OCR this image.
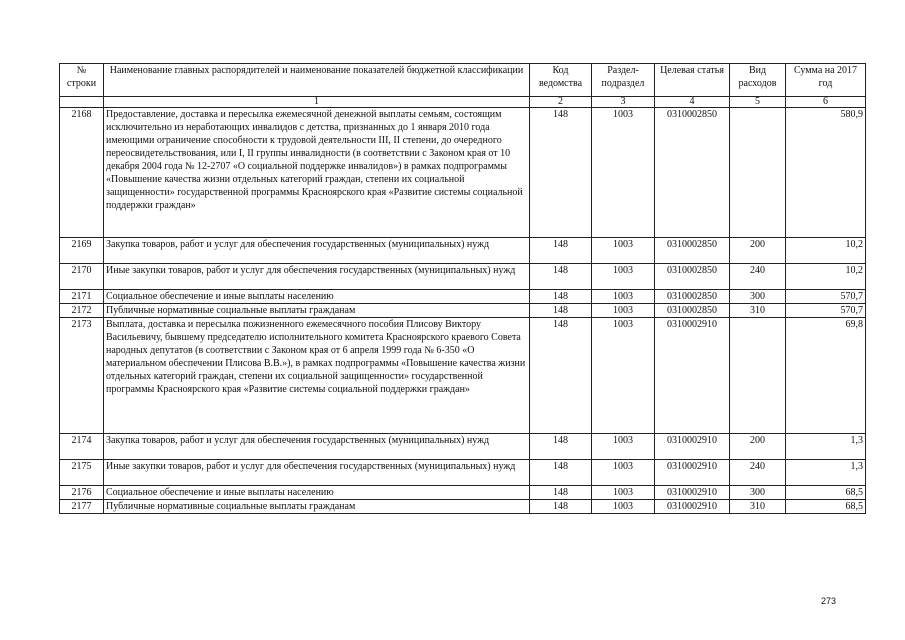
№ строки	Наименование главных распорядителей и наименование показателей бюджетной классификации	Код ведомства	Раздел-подраздел	Целевая статья	Вид расходов	Сумма на 2017 год
	1	2	3	4	5	6
2168	Предоставление, доставка и пересылка ежемесячной денежной выплаты семьям, состоящим исключительно из неработающих инвалидов с детства, признанных до 1 января 2010 года имеющими ограничение способности к трудовой деятельности III, II степени, до очередного переосвидетельствования, или I, II группы инвалидности (в соответствии с Законом края от 10 декабря 2004 года № 12-2707 «О социальной поддержке инвалидов») в рамках подпрограммы «Повышение качества жизни отдельных категорий граждан, степени их социальной защищенности» государственной программы Красноярского края «Развитие системы социальной поддержки граждан»	148	1003	0310002850		580,9
2169	Закупка товаров, работ и услуг для обеспечения государственных (муниципальных) нужд	148	1003	0310002850	200	10,2
2170	Иные закупки товаров, работ и услуг для обеспечения государственных (муниципальных) нужд	148	1003	0310002850	240	10,2
2171	Социальное обеспечение и иные выплаты населению	148	1003	0310002850	300	570,7
2172	Публичные нормативные социальные выплаты гражданам	148	1003	0310002850	310	570,7
2173	Выплата, доставка и пересылка пожизненного ежемесячного пособия Плисову Виктору Васильевичу, бывшему председателю исполнительного комитета Красноярского краевого Совета народных депутатов (в соответствии с Законом края от 6 апреля 1999 года № 6-350 «О материальном обеспечении Плисова В.В.»), в рамках подпрограммы «Повышение качества жизни отдельных категорий граждан, степени их социальной защищенности» государственной программы Красноярского края «Развитие системы социальной поддержки граждан»	148	1003	0310002910		69,8
2174	Закупка товаров, работ и услуг для обеспечения государственных (муниципальных) нужд	148	1003	0310002910	200	1,3
2175	Иные закупки товаров, работ и услуг для обеспечения государственных (муниципальных) нужд	148	1003	0310002910	240	1,3
2176	Социальное обеспечение и иные выплаты населению	148	1003	0310002910	300	68,5
2177	Публичные нормативные социальные выплаты гражданам	148	1003	0310002910	310	68,5
273
